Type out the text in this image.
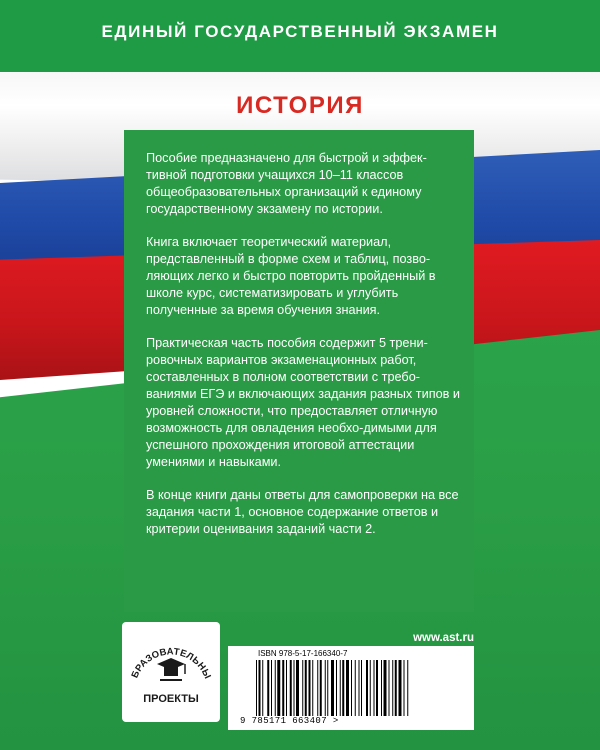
ЕДИНЫЙ ГОСУДАРСТВЕННЫЙ ЭКЗАМЕН
ИСТОРИЯ

Пособие предназначено для быстрой и эффек-тивной подготовки учащихся 10–11 классов общеобразовательных организаций к единому государственному экзамену по истории.

Книга включает теоретический материал, представленный в форме схем и таблиц, позво-ляющих легко и быстро повторить пройденный в школе курс, систематизировать и углубить полученные за время обучения знания.

Практическая часть пособия содержит 5 трени-ровочных вариантов экзаменационных работ, составленных в полном соответствии с требо-ваниями ЕГЭ и включающих задания разных типов и уровней сложности, что предоставляет отличную возможность для овладения необхо-димыми для успешного прохождения итоговой аттестации умениями и навыками.

В конце книги даны ответы для самопроверки на все задания части 1, основное содержание ответов и критерии оценивания заданий части 2.

БРАЗОВАТЕЛЬНЫ
ПРОЕКТЫ
www.ast.ru
ISBN 978-5-17-166340-7
9 785171 663407 >
